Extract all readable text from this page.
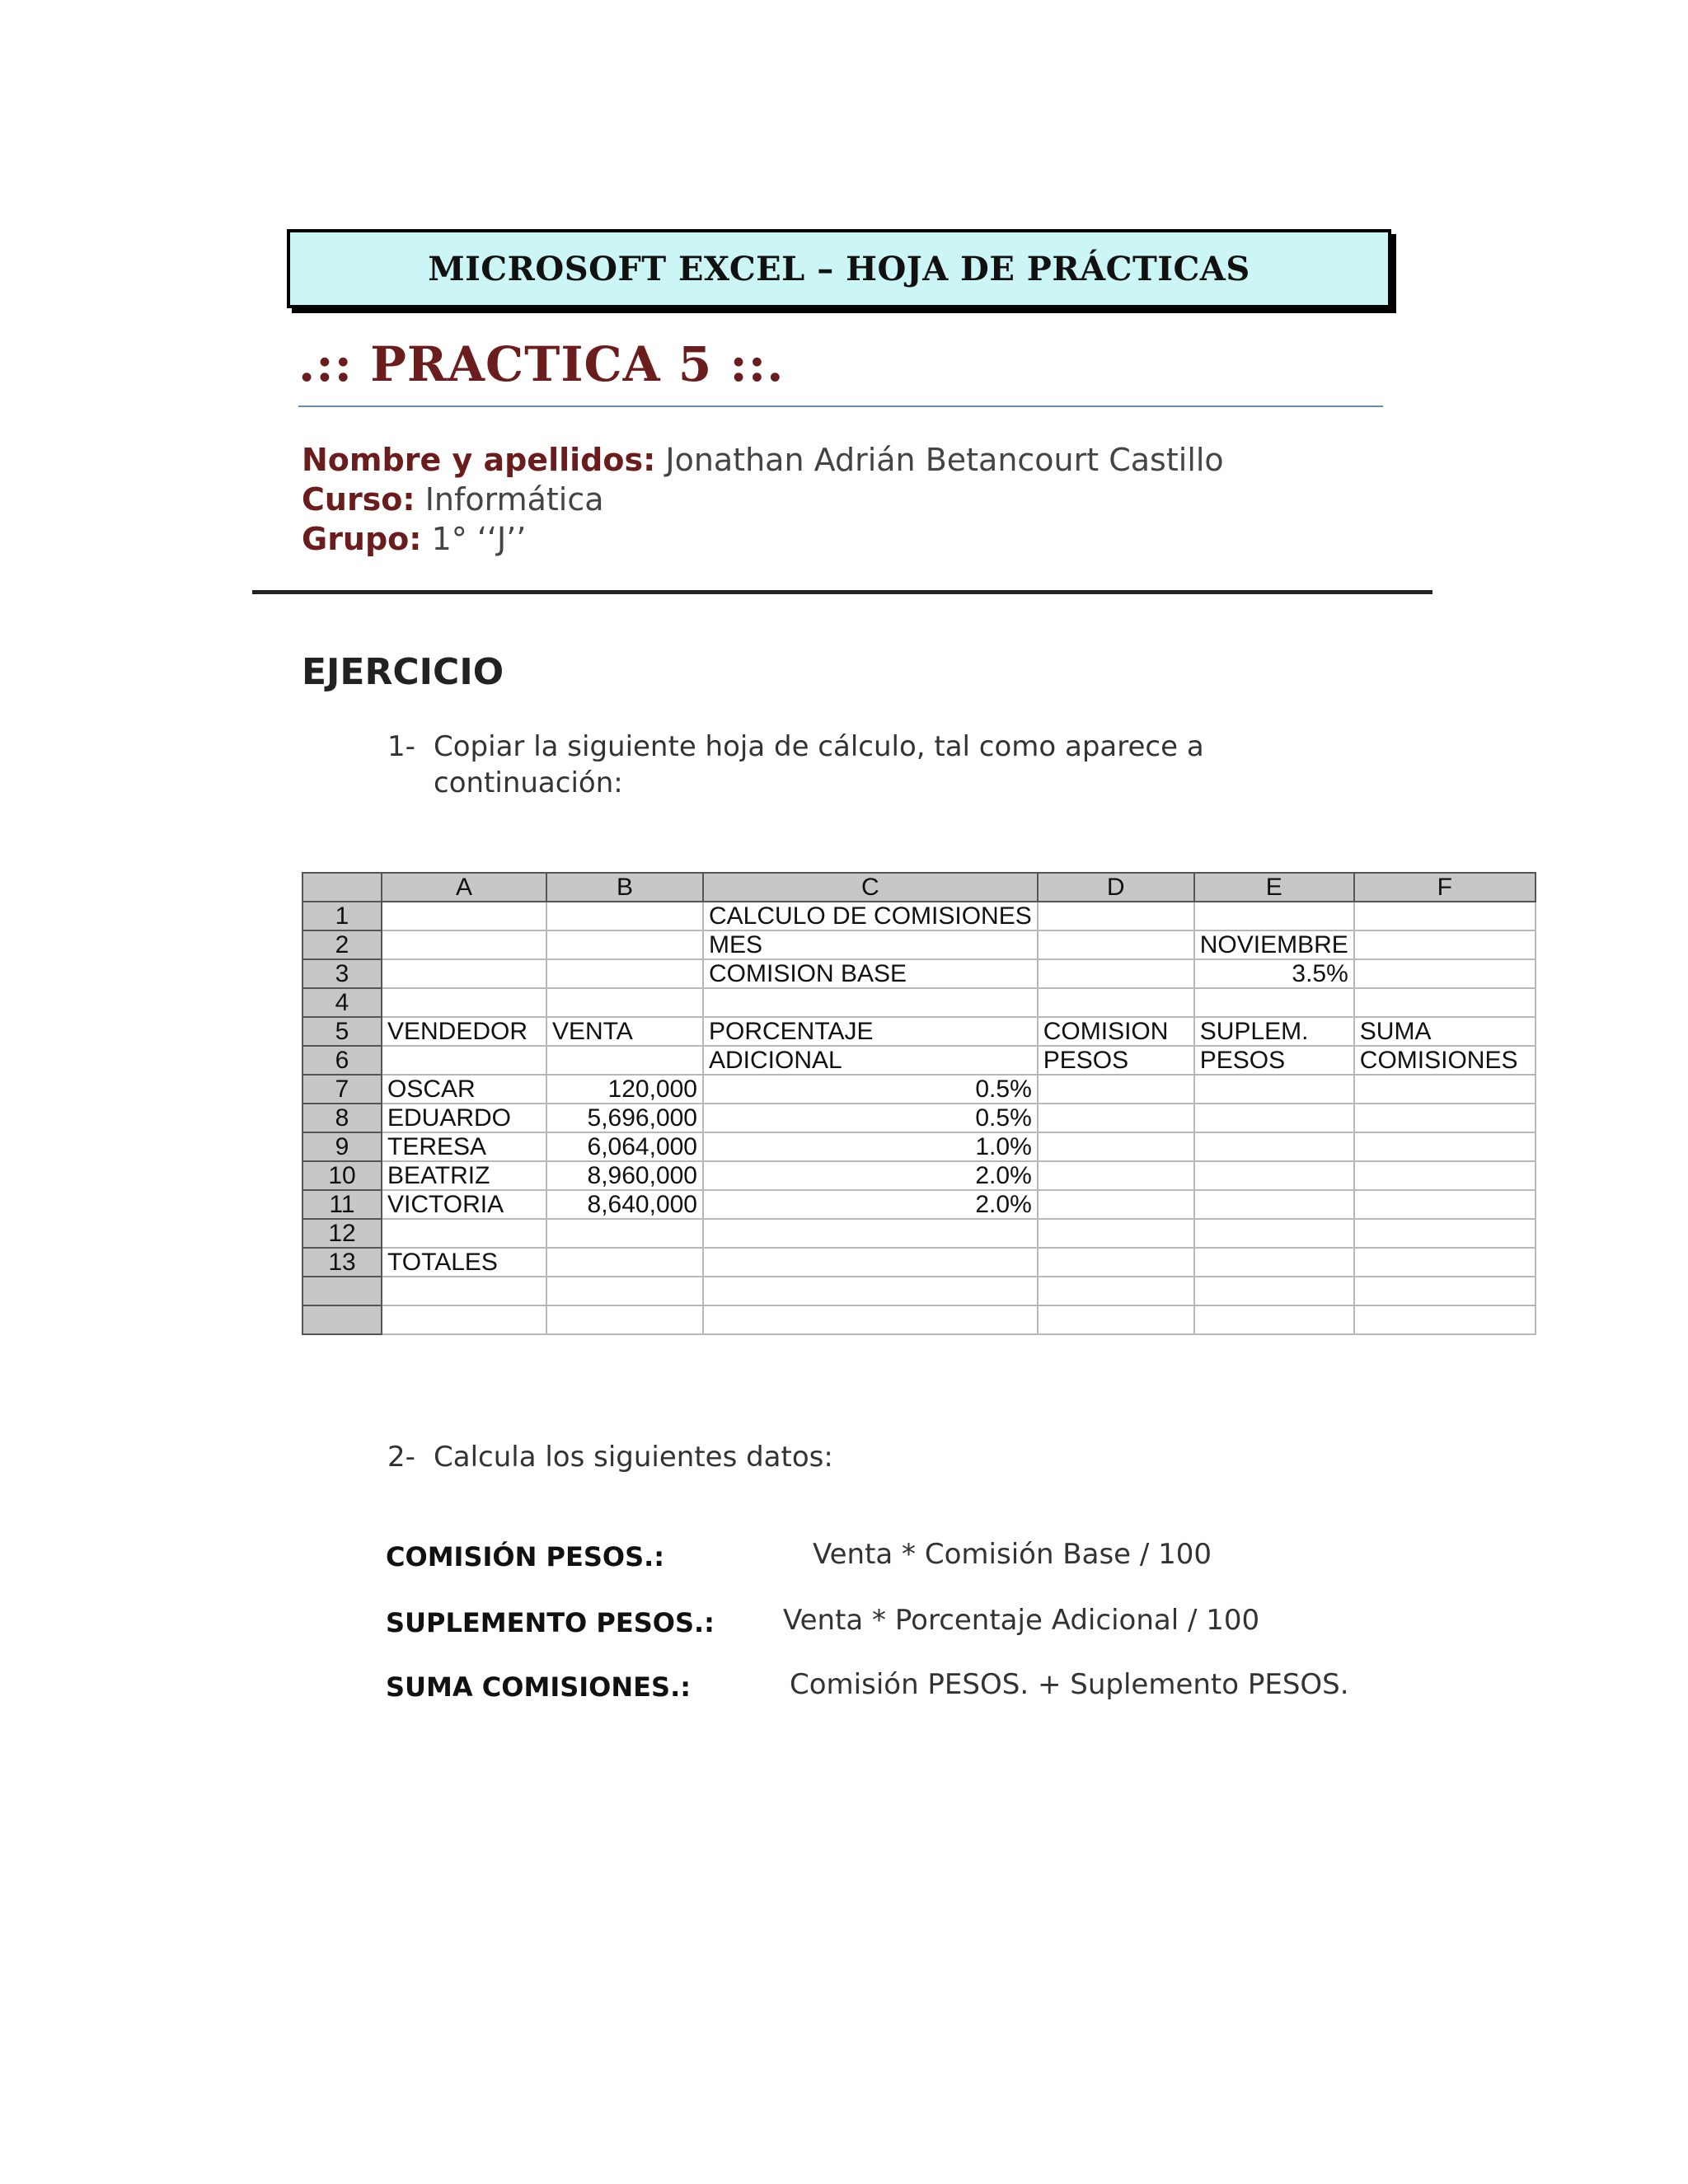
MICROSOFT EXCEL – HOJA DE PRÁCTICAS
.:: PRACTICA 5 ::.
Nombre y apellidos: Jonathan Adrián Betancourt Castillo
Curso: Informática
Grupo: 1° ‘‘J’’
EJERCICIO
1- Copiar la siguiente hoja de cálculo, tal como aparece a
continuación:
	A	B	C	D	E	F
1			CALCULO DE COMISIONES			
2			MES		NOVIEMBRE	
3			COMISION BASE		3.5%	
4						
5	VENDEDOR	VENTA	PORCENTAJE	COMISION	SUPLEM.	SUMA
6			ADICIONAL	PESOS	PESOS	COMISIONES
7	OSCAR	120,000	0.5%			
8	EDUARDO	5,696,000	0.5%			
9	TERESA	6,064,000	1.0%			
10	BEATRIZ	8,960,000	2.0%			
11	VICTORIA	8,640,000	2.0%			
12						
13	TOTALES					

2- Calcula los siguientes datos:
COMISIÓN PESOS.:	Venta * Comisión Base / 100
SUPLEMENTO PESOS.: Venta * Porcentaje Adicional / 100
SUMA COMISIONES.:	Comisión PESOS. + Suplemento PESOS.
